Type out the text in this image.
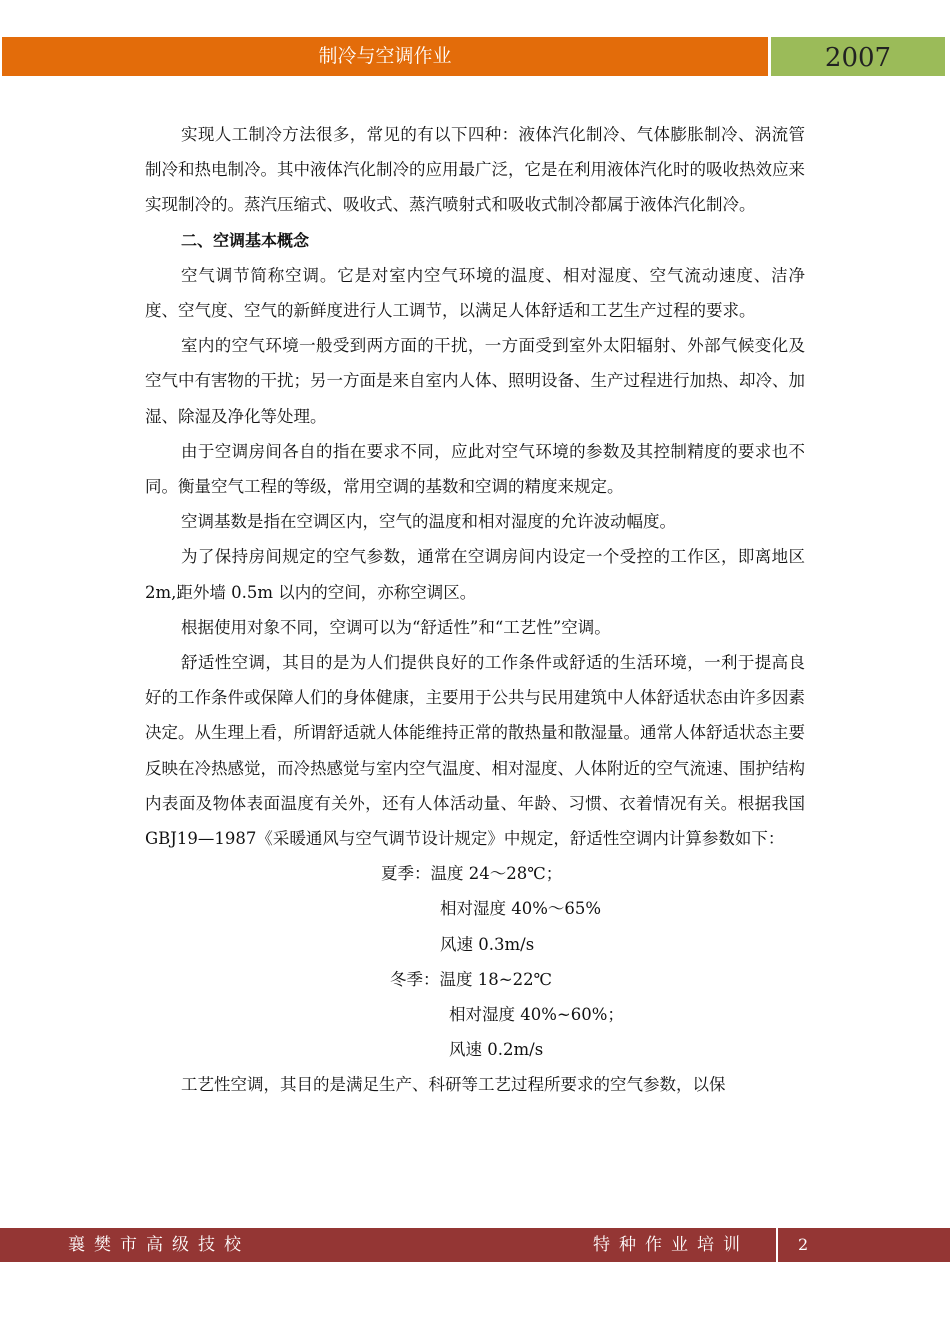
制冷与空调作业	2007

实现人工制冷方法很多，常见的有以下四种：液体汽化制冷、气体膨胀制冷、涡流管制冷和热电制冷。其中液体汽化制冷的应用最广泛，它是在利用液体汽化时的吸收热效应来实现制冷的。蒸汽压缩式、吸收式、蒸汽喷射式和吸收式制冷都属于液体汽化制冷。

二、空调基本概念

空气调节简称空调。它是对室内空气环境的温度、相对湿度、空气流动速度、洁净度、空气度、空气的新鲜度进行人工调节，以满足人体舒适和工艺生产过程的要求。

室内的空气环境一般受到两方面的干扰，一方面受到室外太阳辐射、外部气候变化及空气中有害物的干扰；另一方面是来自室内人体、照明设备、生产过程进行加热、却冷、加湿、除湿及净化等处理。

由于空调房间各自的指在要求不同，应此对空气环境的参数及其控制精度的要求也不同。衡量空气工程的等级，常用空调的基数和空调的精度来规定。

空调基数是指在空调区内，空气的温度和相对湿度的允许波动幅度。

为了保持房间规定的空气参数，通常在空调房间内设定一个受控的工作区，即离地区 2m,距外墙 0.5m 以内的空间，亦称空调区。

根据使用对象不同，空调可以为“舒适性”和“工艺性”空调。

舒适性空调，其目的是为人们提供良好的工作条件或舒适的生活环境，一利于提高良好的工作条件或保障人们的身体健康，主要用于公共与民用建筑中人体舒适状态由许多因素决定。从生理上看，所谓舒适就人体能维持正常的散热量和散湿量。通常人体舒适状态主要反映在冷热感觉，而冷热感觉与室内空气温度、相对湿度、人体附近的空气流速、围护结构内表面及物体表面温度有关外，还有人体活动量、年龄、习惯、衣着情况有关。根据我国 GBJ19—1987《采暖通风与空气调节设计规定》中规定，舒适性空调内计算参数如下：

夏季：温度 24～28℃；

相对湿度 40%～65%

风速 0.3m/s

冬季：温度 18~22℃

相对湿度 40%~60%；

风速 0.2m/s

工艺性空调，其目的是满足生产、科研等工艺过程所要求的空气参数，以保

襄樊市高级技校	特种作业培训	2
